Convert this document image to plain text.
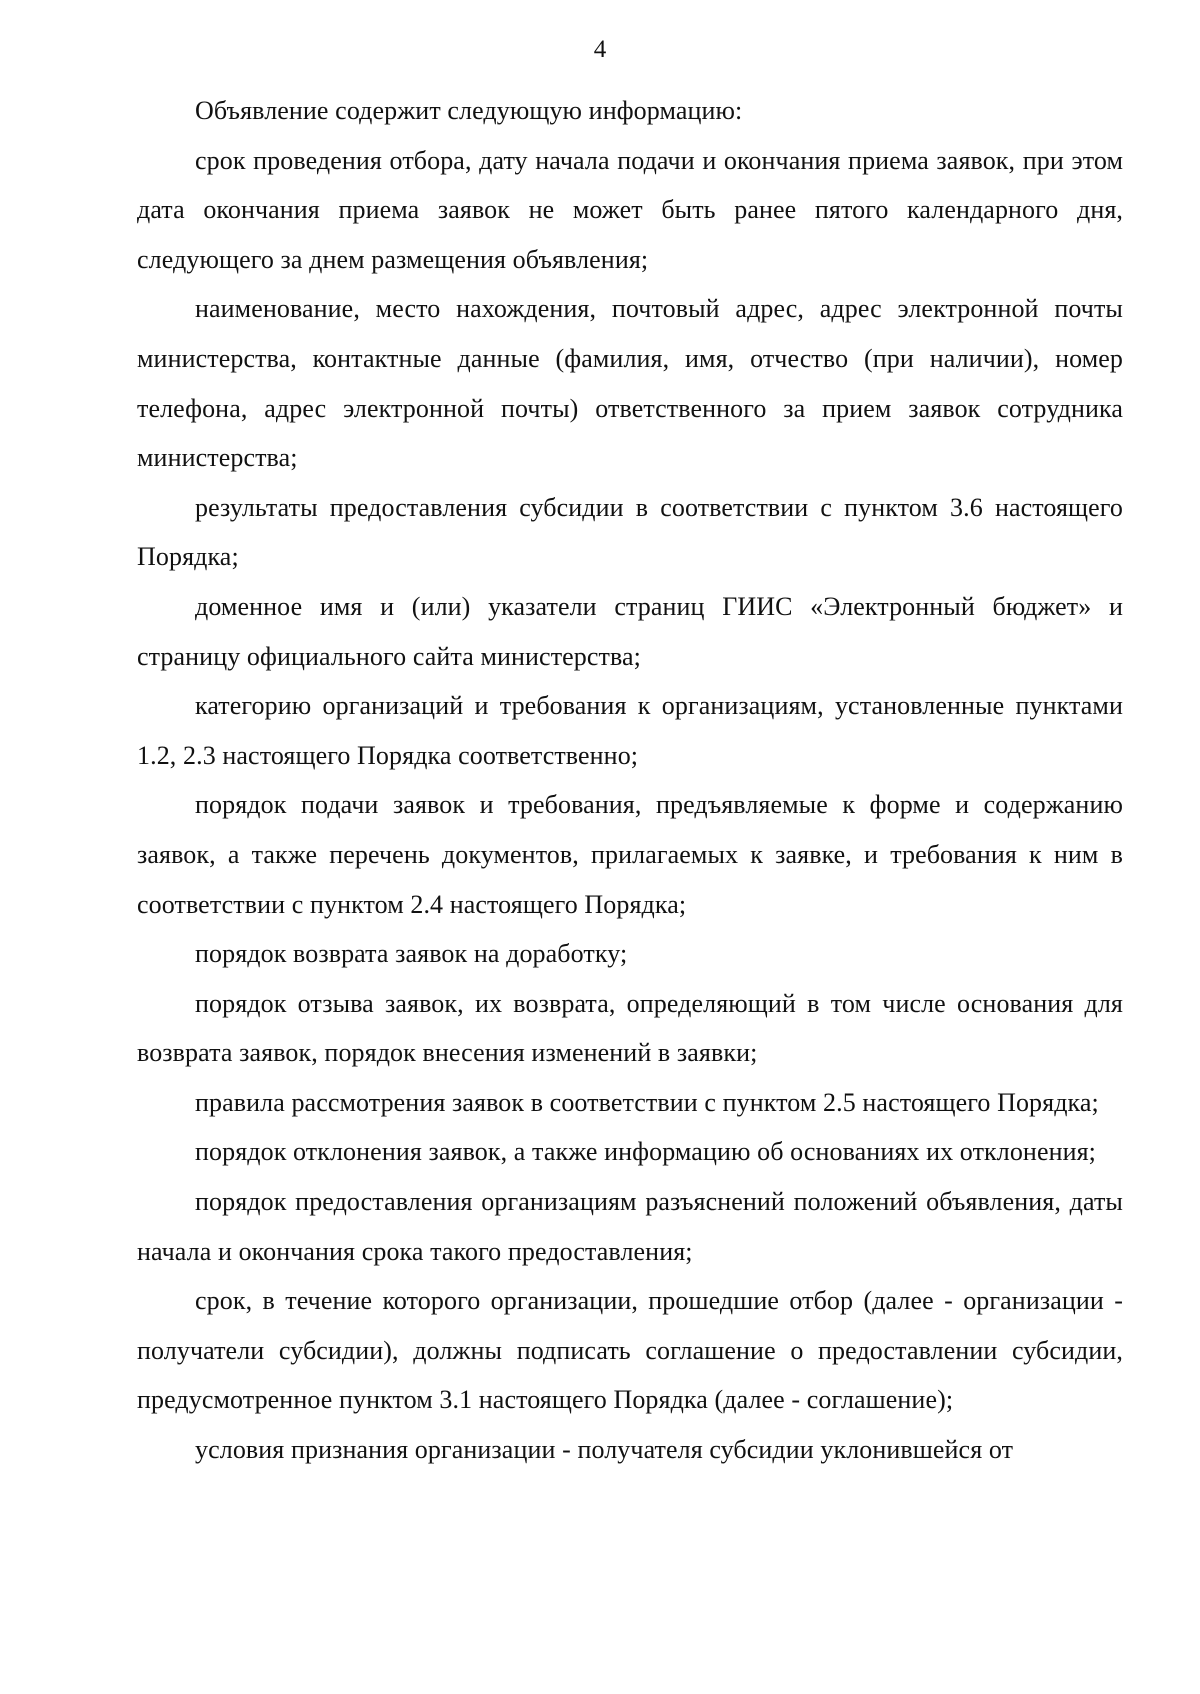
4

Объявление содержит следующую информацию:

срок проведения отбора, дату начала подачи и окончания приема заявок, при этом дата окончания приема заявок не может быть ранее пятого календарного дня, следующего за днем размещения объявления;

наименование, место нахождения, почтовый адрес, адрес электронной почты министерства, контактные данные (фамилия, имя, отчество (при наличии), номер телефона, адрес электронной почты) ответственного за прием заявок сотрудника министерства;

результаты предоставления субсидии в соответствии с пунктом 3.6 настоящего Порядка;

доменное имя и (или) указатели страниц ГИИС «Электронный бюджет» и страницу официального сайта министерства;

категорию организаций и требования к организациям, установленные пунктами 1.2, 2.3 настоящего Порядка соответственно;

порядок подачи заявок и требования, предъявляемые к форме и содержанию заявок, а также перечень документов, прилагаемых к заявке, и требования к ним в соответствии с пунктом 2.4 настоящего Порядка;

порядок возврата заявок на доработку;

порядок отзыва заявок, их возврата, определяющий в том числе основания для возврата заявок, порядок внесения изменений в заявки;

правила рассмотрения заявок в соответствии с пунктом 2.5 настоящего Порядка;

порядок отклонения заявок, а также информацию об основаниях их отклонения;

порядок предоставления организациям разъяснений положений объявления, даты начала и окончания срока такого предоставления;

срок, в течение которого организации, прошедшие отбор (далее - организации - получатели субсидии), должны подписать соглашение о предоставлении субсидии, предусмотренное пунктом 3.1 настоящего Порядка (далее - соглашение);

условия признания организации - получателя субсидии уклонившейся от
